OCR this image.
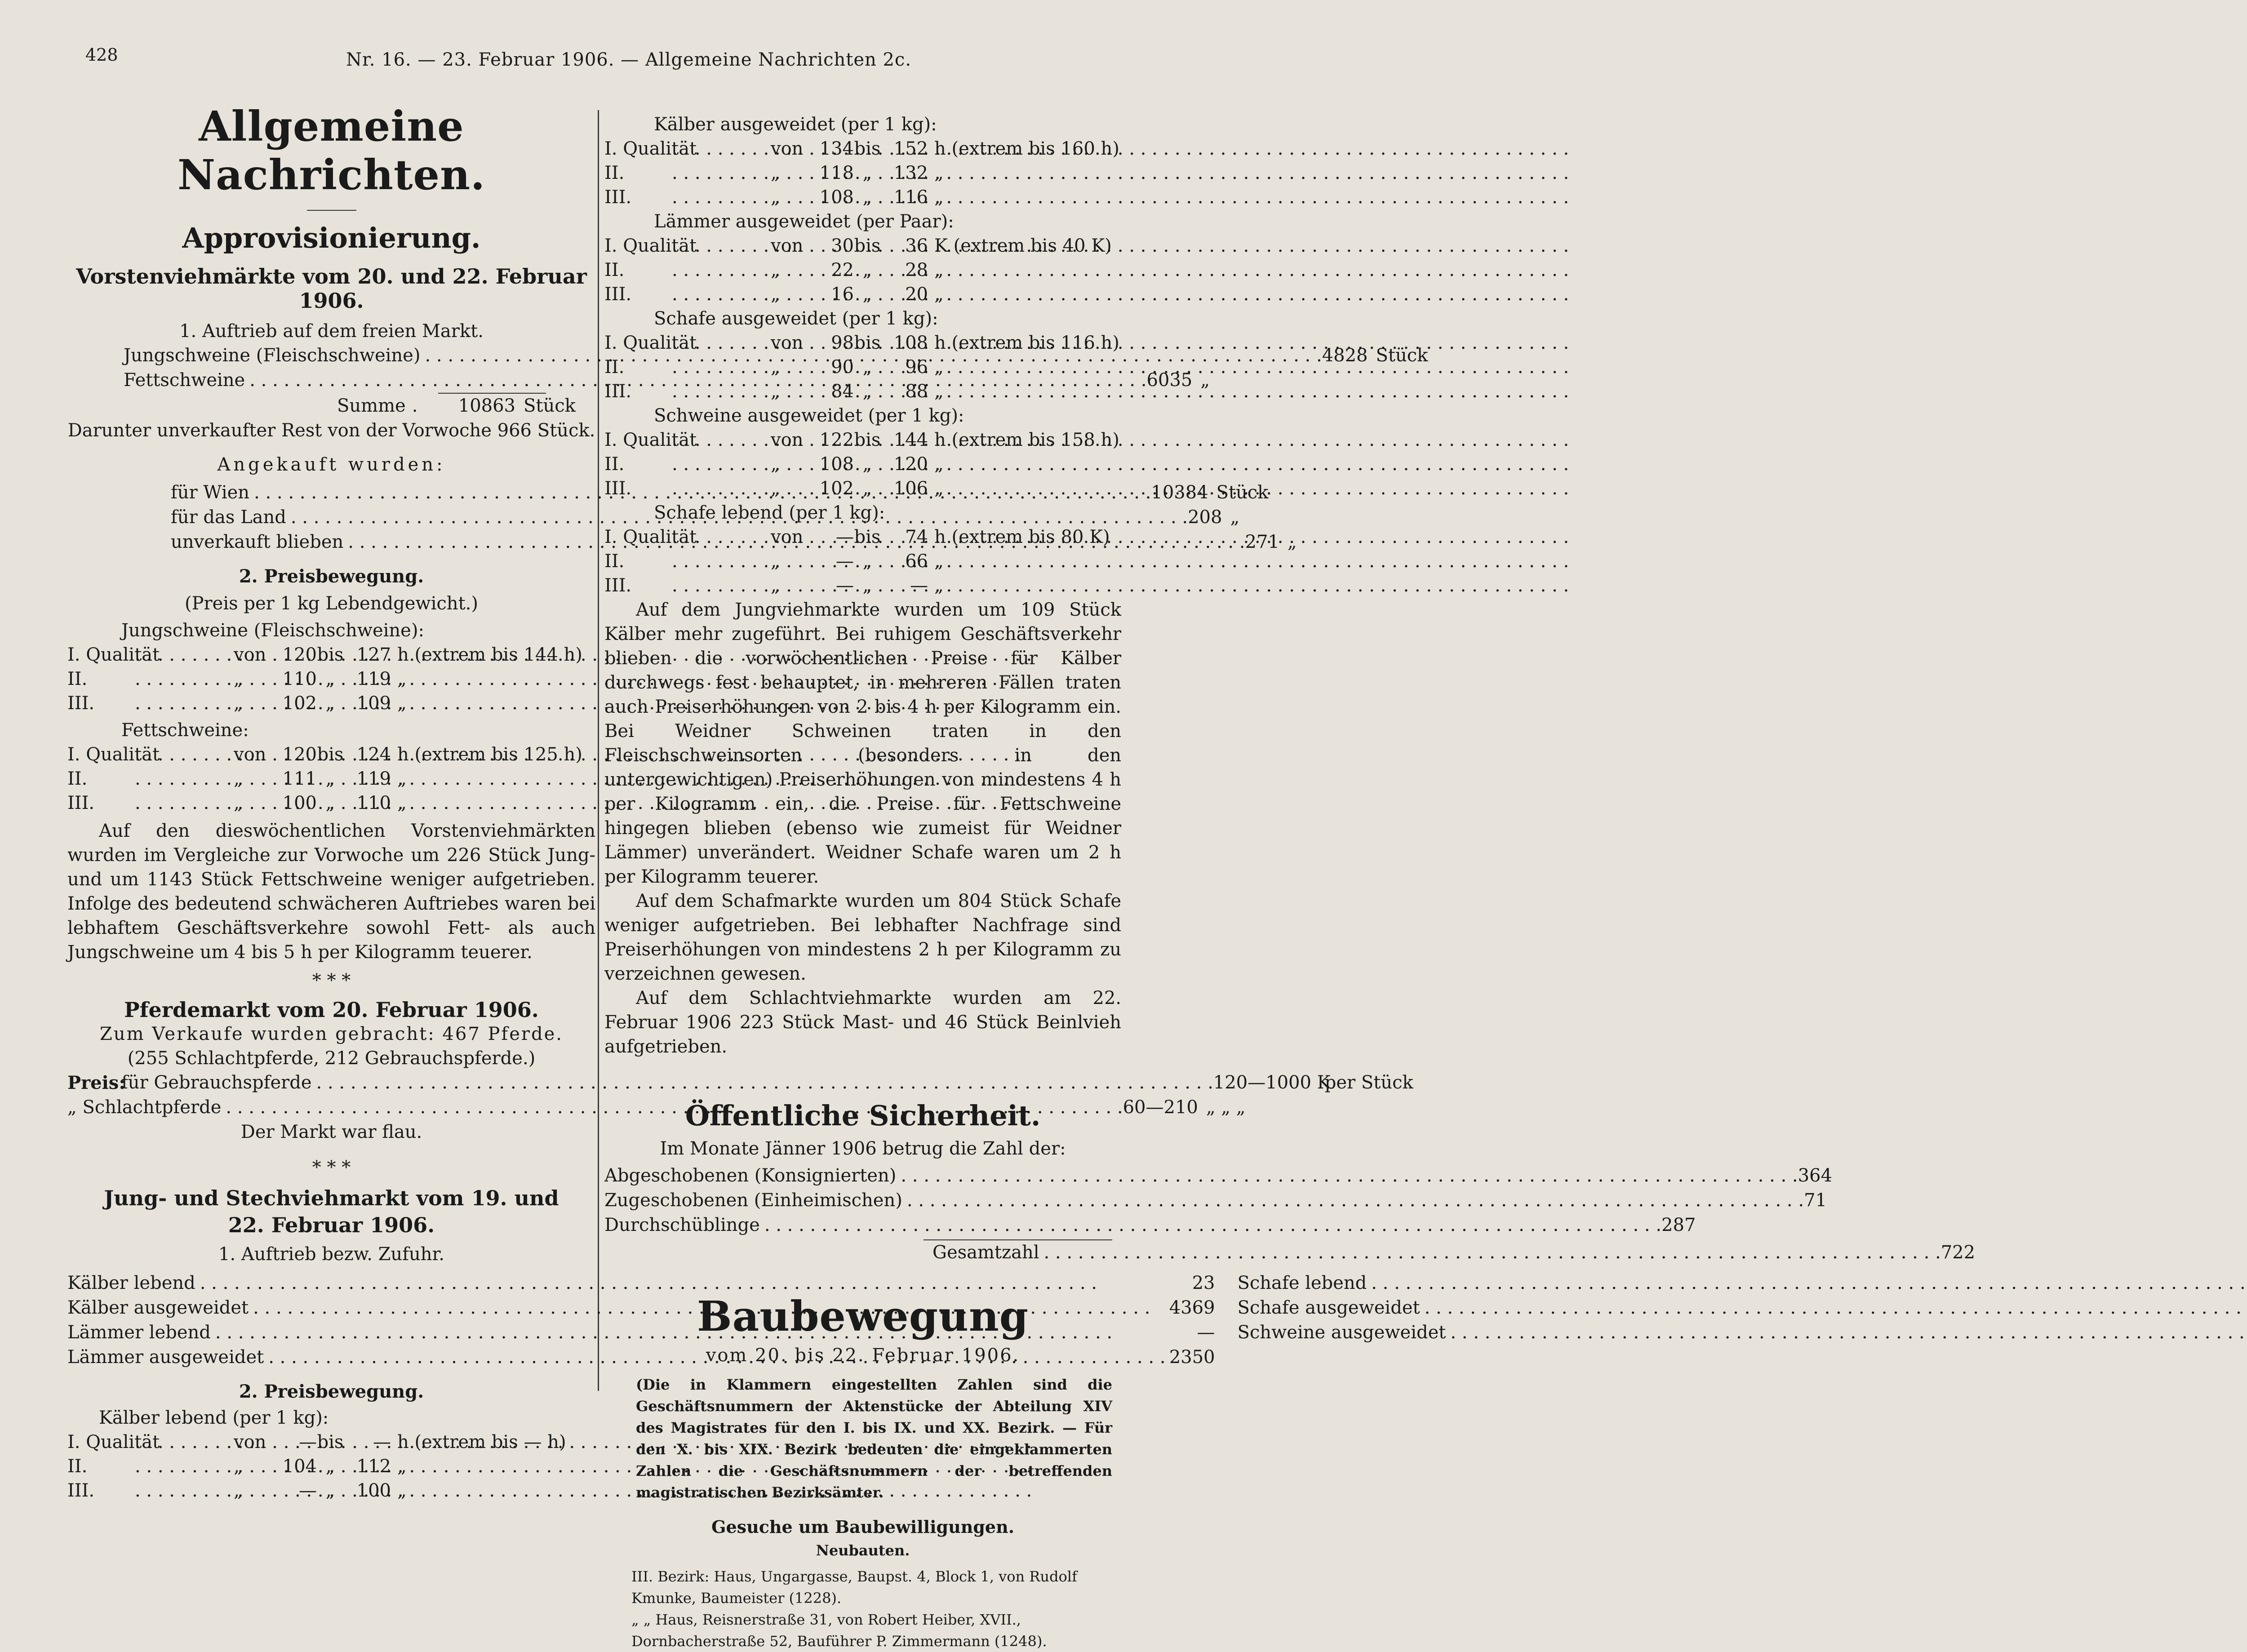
428	Nr. 16. — 23. Februar 1906. — Allgemeine Nachrichten 2c.
Allgemeine Nachrichten.
Approvisionierung.
Vorstenviehmärkte vom 20. und 22. Februar 1906.
1. Auftrieb auf dem freien Markt.
Jungschweine (Fleischschweine) . . .	4828 Stück
Fettschweine . . .	6035 „
Summe .	10863 Stück
Darunter unverkaufter Rest von der Vorwoche 966 Stück.
Angekauft wurden:
für Wien . . .	10384 Stück
für das Land . . .	208 „
unverkauft blieben . . .	271 „
2. Preisbewegung.
(Preis per 1 kg Lebendgewicht.)
Jungschweine (Fleischschweine):
I. Qualität . . .	von 120 bis 127 h (extrem bis 144 h)
II. . . .	„	110 „	119 „
III. . . .	„	102 „	109 „
Fettschweine:
I. Qualität . . .	von 120 bis 124 h (extrem bis 125 h)
II. . . .	„	111 „	119 „
III. . . .	„	100 „	110 „
Auf den dieswöchentlichen Vorstenviehmärkten wurden im Vergleiche zur Vorwoche um 226 Stück Jung- und um 1143 Stück Fettschweine weniger aufgetrieben. Infolge des bedeutend schwächeren Auftriebes waren bei lebhaftem Geschäftsverkehre sowohl Fett- als auch Jungschweine um 4 bis 5 h per Kilogramm teuerer.
* * *
Pferdemarkt vom 20. Februar 1906.
Zum Verkaufe wurden gebracht: 467 Pferde.
(255 Schlachtpferde, 212 Gebrauchspferde.)
Preis:
für Gebrauchspferde . . .	120—1000 K
per Stück
„ Schlachtpferde . . .	60—210 „ „ „
Der Markt war flau.
* * *
Jung- und Stechviehmarkt vom 19. und 22. Februar 1906.
1. Auftrieb bezw. Zufuhr.
Kälber lebend . . .	23
Kälber ausgeweidet . . .	4369
Lämmer lebend . . .	—
Lämmer ausgeweidet . . .	2350
Schafe lebend
. . .
Schafe ausgeweidet
. . .
Schweine ausgeweidet
. . .
2. Preisbewegung.
Kälber lebend (per 1 kg):
I. Qualität . . .	von	— bis	— h (extrem bis — h)
II. . . .	„	104 „	112 „
III. . . .	„	— „	100 „
Kälber ausgeweidet (per 1 kg):
I. Qualität . . .	von 134 bis 152 h (extrem bis 160 h)
II. . . .	„	118 „	132 „
III. . . .	„	108 „	116 „
Lämmer ausgeweidet (per Paar):
I. Qualität . . .	von	30 bis	36 K (extrem bis 40 K)
II. . . .	„	22 „	28 „
III. . . .	„	16 „	20 „
Schafe ausgeweidet (per 1 kg):
I. Qualität . . .	von	98 bis 108 h (extrem bis 116 h)
II. . . .	„	90 „	96 „
III. . . .	„	84 „	88 „
Schweine ausgeweidet (per 1 kg):
I. Qualität . . .	von 122 bis 144 h (extrem bis 158 h)
II. . . .	„	108 „	120 „
III. . . .	„	102 „	106 „
Schafe lebend (per 1 kg):
I. Qualität . . .	von	— bis	74 h (extrem bis 80 K)
II. . . .	„	— „	66 „
III. . . .	„	— „	— „
Auf dem Jungviehmarkte wurden um 109 Stück Kälber mehr zugeführt. Bei ruhigem Geschäftsverkehr blieben die vorwöchentlichen Preise für Kälber durchwegs fest behauptet, in mehreren Fällen traten auch Preiserhöhungen von 2 bis 4 h per Kilogramm ein. Bei Weidner Schweinen traten in den Fleischschweinsorten (besonders in den untergewichtigen) Preiserhöhungen von mindestens 4 h per Kilogramm ein, die Preise für Fettschweine hingegen blieben (ebenso wie zumeist für Weidner Lämmer) unverändert. Weidner Schafe waren um 2 h per Kilogramm teuerer.
Auf dem Schafmarkte wurden um 804 Stück Schafe weniger aufgetrieben. Bei lebhafter Nachfrage sind Preiserhöhungen von mindestens 2 h per Kilogramm zu verzeichnen gewesen.
Auf dem Schlachtviehmarkte wurden am 22. Februar 1906 223 Stück Mast- und 46 Stück Beinlvieh aufgetrieben.
Öffentliche Sicherheit.
Im Monate Jänner 1906 betrug die Zahl der:
Abgeschobenen (Konsignierten) . . .	364
Zugeschobenen (Einheimischen) . . .	71
Durchschüblinge . . .	287
Gesamtzahl . . .	722
Baubewegung
vom 20. bis 22. Februar 1906.
(Die in Klammern eingestellten Zahlen sind die Geschäftsnummern der Aktenstücke der Abteilung XIV des Magistrates für den I. bis IX. und XX. Bezirk. — Für den X. bis XIX. Bezirk bedeuten die eingeklammerten Zahlen die Geschäftsnummern der betreffenden magistratischen Bezirksämter.
Gesuche um Baubewilligungen.
Neubauten.
III. Bezirk: Haus, Ungargasse, Baupst. 4, Block 1, von Rudolf Kmunke, Baumeister (1228).
„ „ Haus, Reisnerstraße 31, von Robert Heiber, XVII., Dornbacherstraße 52, Bauführer P. Zimmermann (1248).
